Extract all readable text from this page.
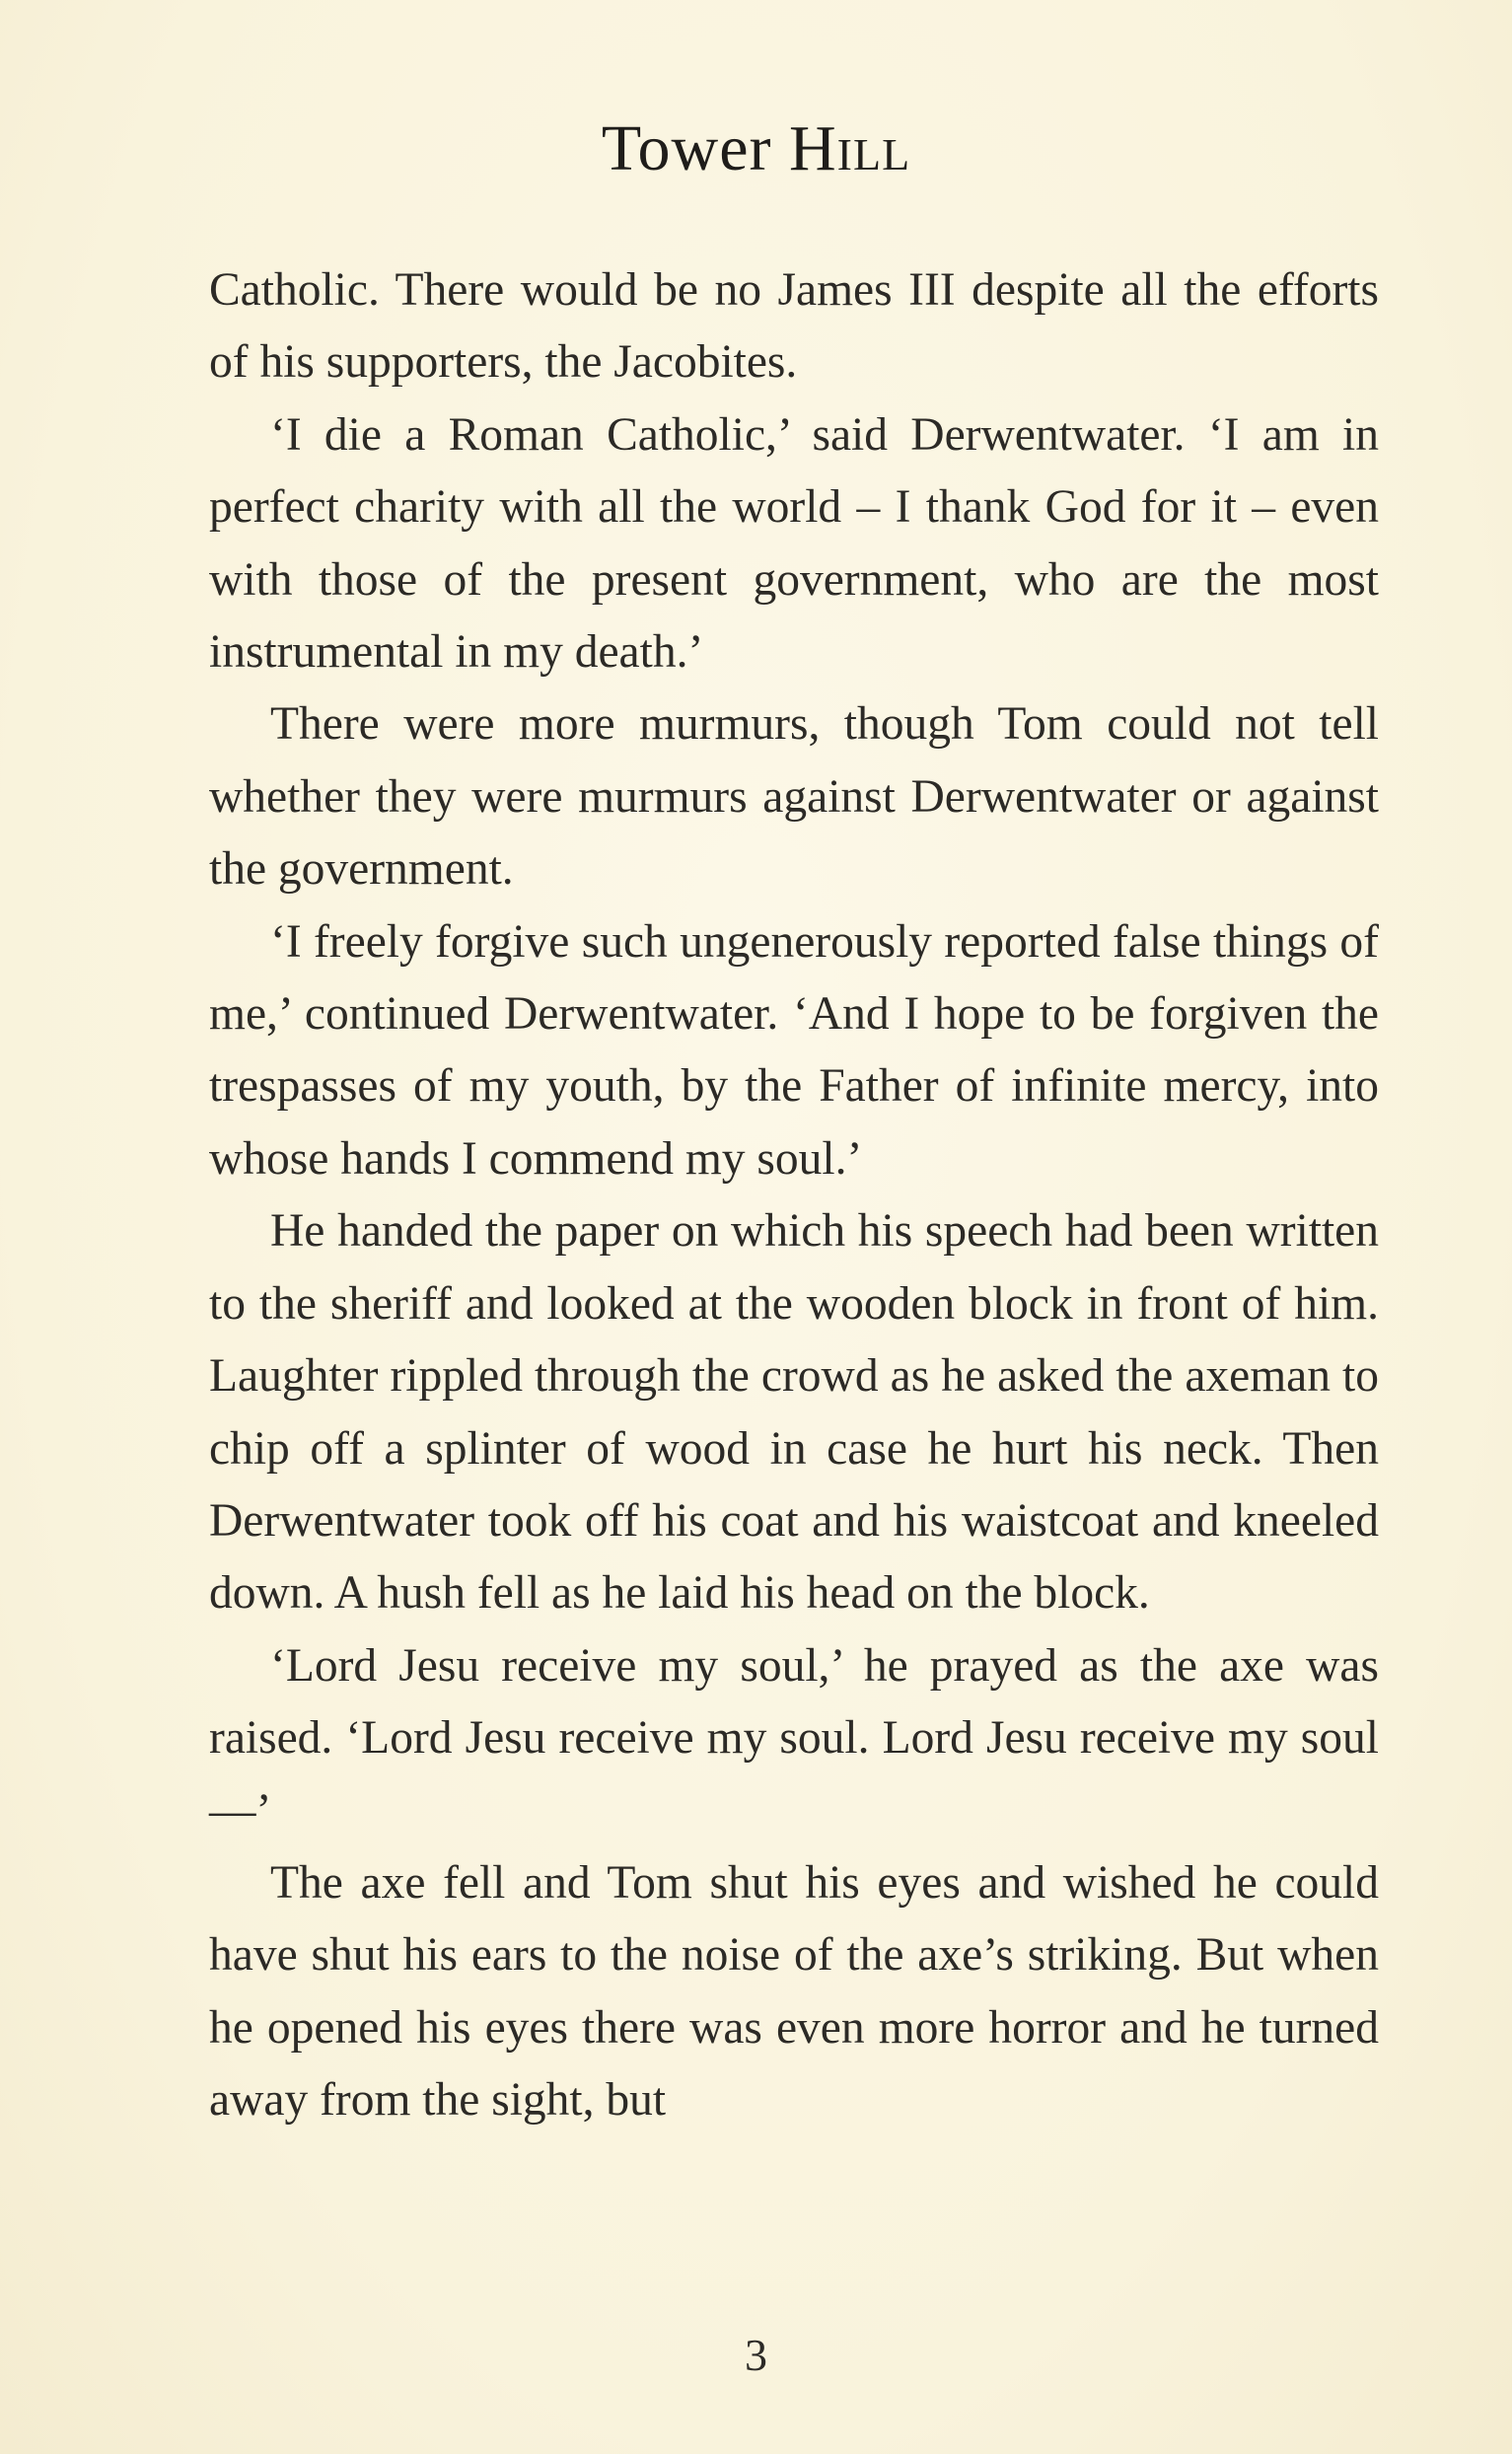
Tower Hill

Catholic. There would be no James III despite all the efforts of his supporters, the Jacobites.

‘I die a Roman Catholic,’ said Derwentwater. ‘I am in perfect charity with all the world – I thank God for it – even with those of the present government, who are the most instrumental in my death.’

There were more murmurs, though Tom could not tell whether they were murmurs against Derwentwater or against the government.

‘I freely forgive such ungenerously reported false things of me,’ continued Derwentwater. ‘And I hope to be forgiven the trespasses of my youth, by the Father of infinite mercy, into whose hands I commend my soul.’

He handed the paper on which his speech had been written to the sheriff and looked at the wooden block in front of him. Laughter rippled through the crowd as he asked the axeman to chip off a splinter of wood in case he hurt his neck. Then Derwentwater took off his coat and his waistcoat and kneeled down. A hush fell as he laid his head on the block.

‘Lord Jesu receive my soul,’ he prayed as the axe was raised. ‘Lord Jesu receive my soul. Lord Jesu receive my soul—’

The axe fell and Tom shut his eyes and wished he could have shut his ears to the noise of the axe’s striking. But when he opened his eyes there was even more horror and he turned away from the sight, but

3
